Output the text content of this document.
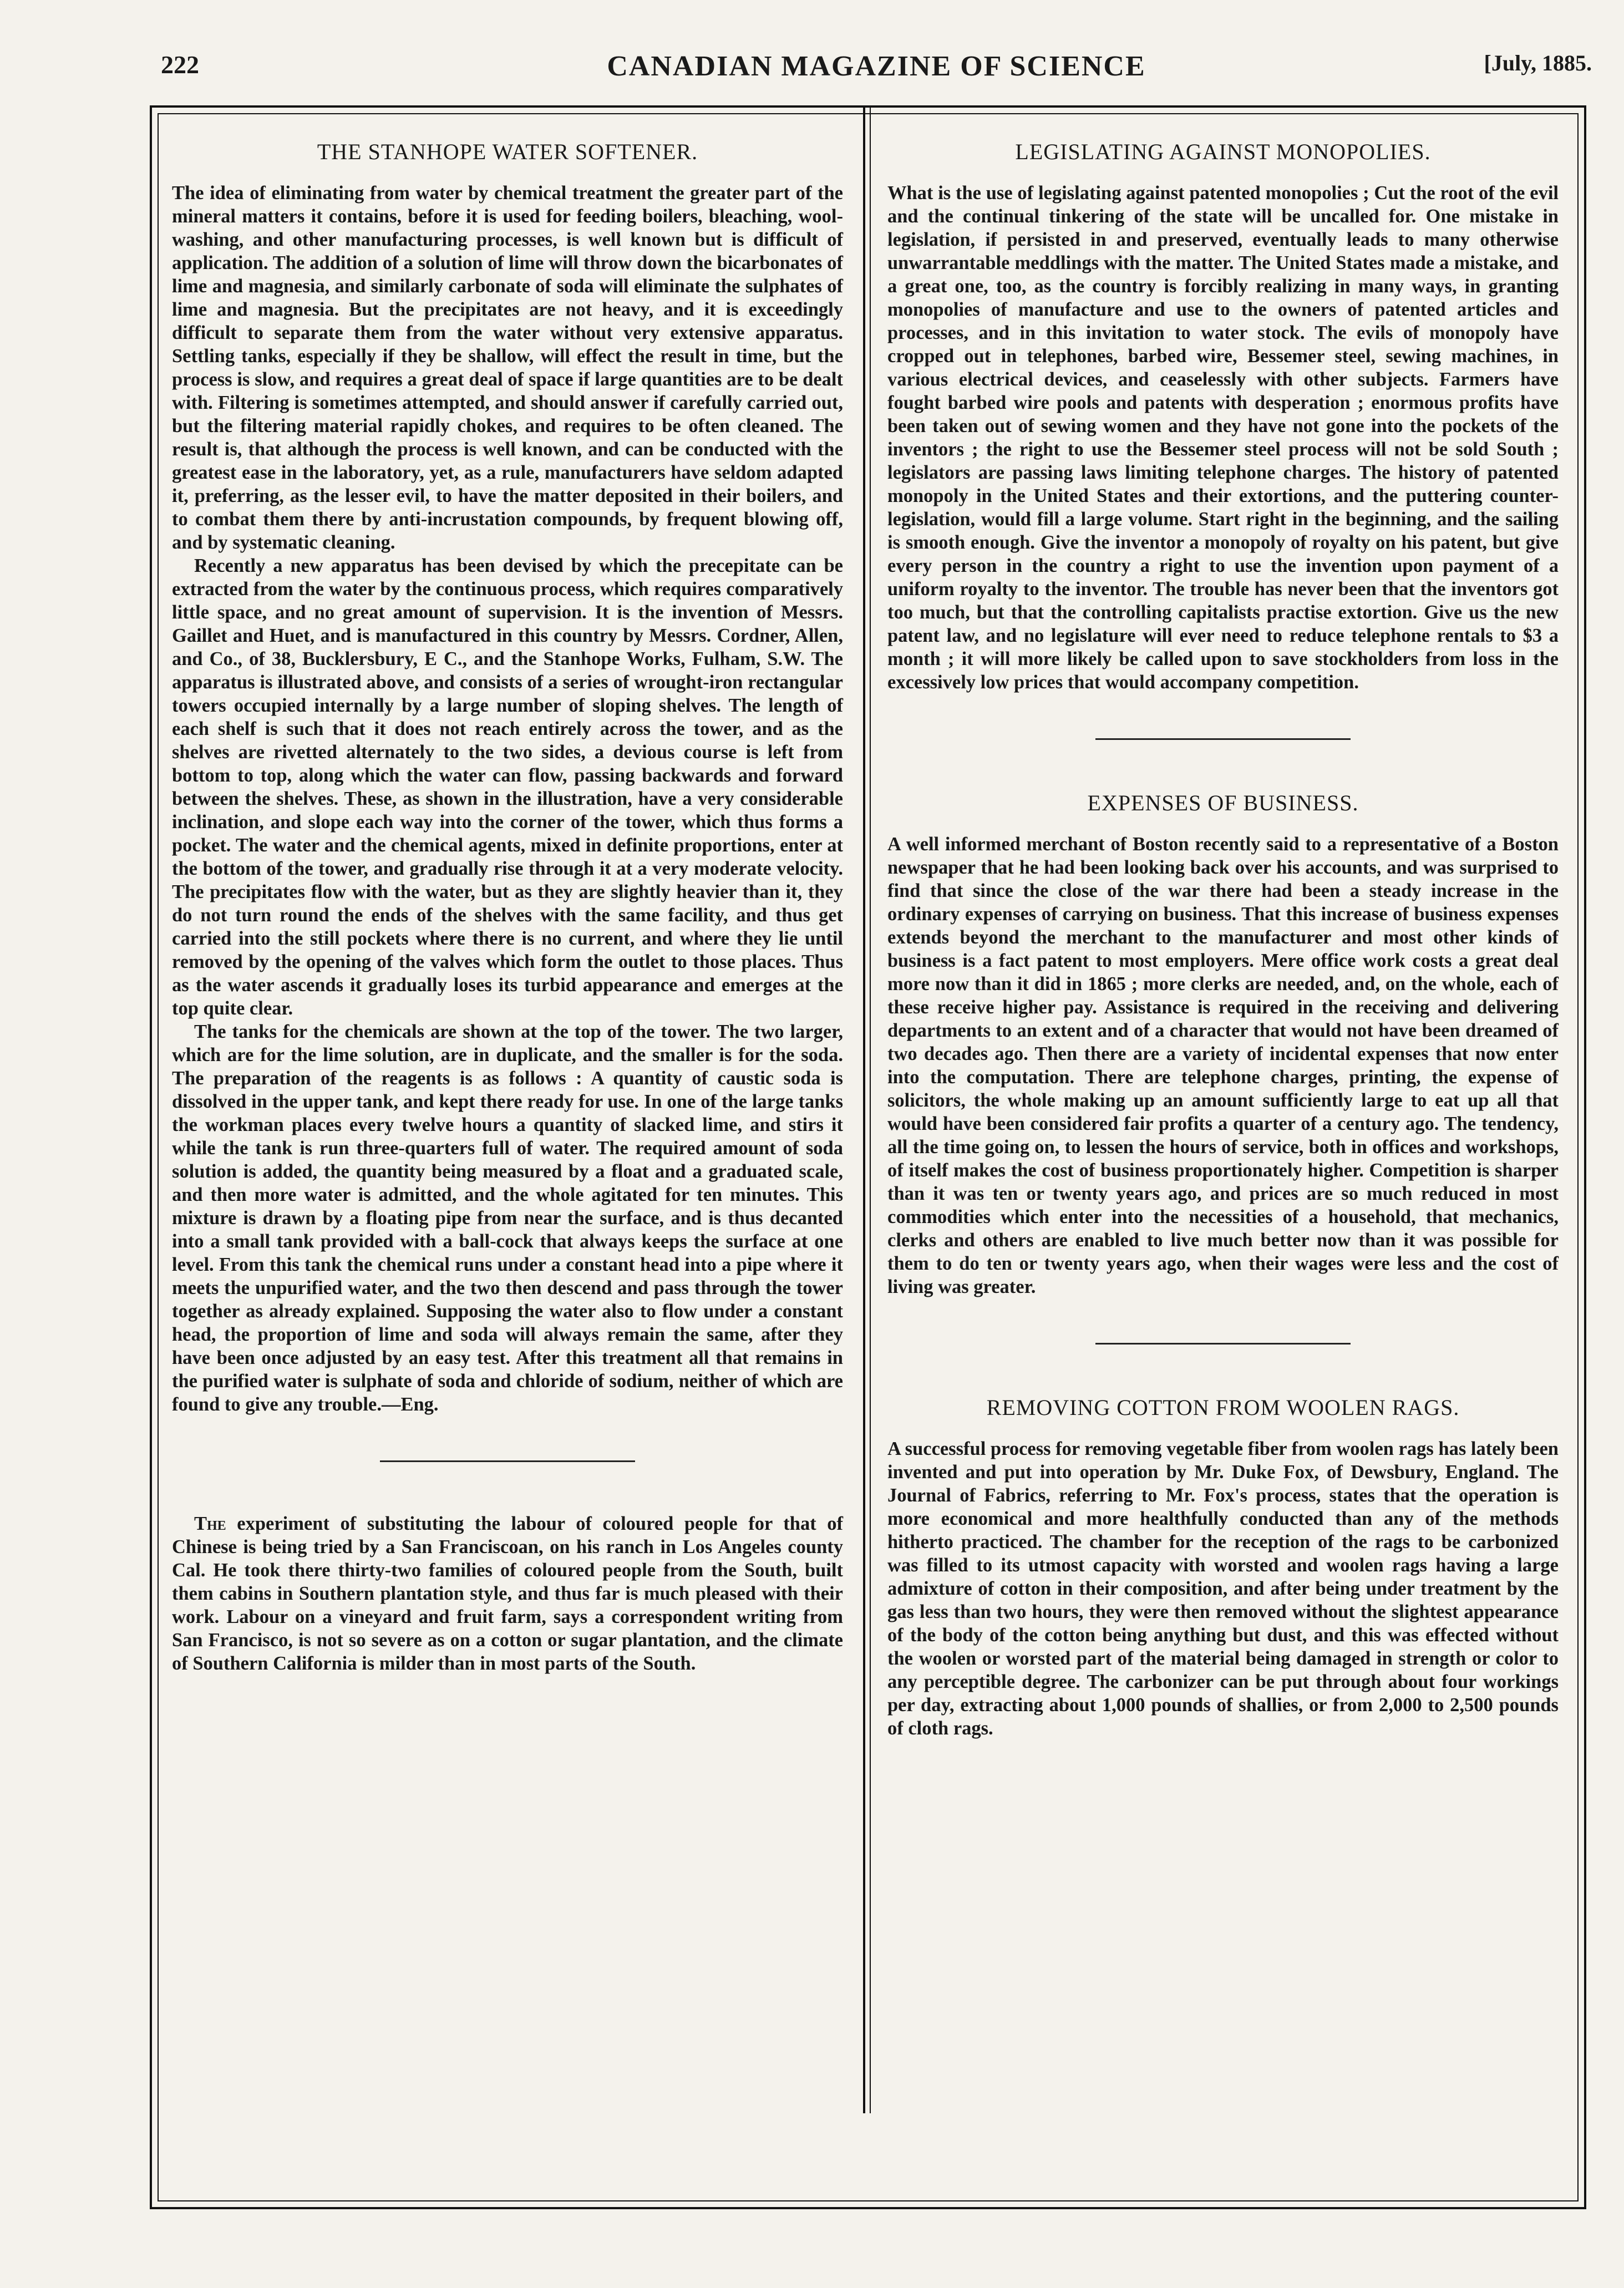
222	CANADIAN MAGAZINE OF SCIENCE	[July, 1885.
THE STANHOPE WATER SOFTENER.

The idea of eliminating from water by chemical treatment the greater part of the mineral matters it contains, before it is used for feeding boilers, bleaching, wool-washing, and other manufacturing processes, is well known but is difficult of application. The addition of a solution of lime will throw down the bicarbonates of lime and magnesia, and similarly carbonate of soda will eliminate the sulphates of lime and magnesia. But the precipitates are not heavy, and it is exceedingly difficult to separate them from the water without very extensive apparatus. Settling tanks, especially if they be shallow, will effect the result in time, but the process is slow, and requires a great deal of space if large quantities are to be dealt with. Filtering is sometimes attempted, and should answer if carefully carried out, but the filtering material rapidly chokes, and requires to be often cleaned. The result is, that although the process is well known, and can be conducted with the greatest ease in the laboratory, yet, as a rule, manufacturers have seldom adapted it, preferring, as the lesser evil, to have the matter deposited in their boilers, and to combat them there by anti-incrustation compounds, by frequent blowing off, and by systematic cleaning.

Recently a new apparatus has been devised by which the precepitate can be extracted from the water by the continuous process, which requires comparatively little space, and no great amount of supervision. It is the invention of Messrs. Gaillet and Huet, and is manufactured in this country by Messrs. Cordner, Allen, and Co., of 38, Bucklersbury, E C., and the Stanhope Works, Fulham, S.W. The apparatus is illustrated above, and consists of a series of wrought-iron rectangular towers occupied internally by a large number of sloping shelves. The length of each shelf is such that it does not reach entirely across the tower, and as the shelves are rivetted alternately to the two sides, a devious course is left from bottom to top, along which the water can flow, passing backwards and forward between the shelves. These, as shown in the illustration, have a very considerable inclination, and slope each way into the corner of the tower, which thus forms a pocket. The water and the chemical agents, mixed in definite proportions, enter at the bottom of the tower, and gradually rise through it at a very moderate velocity. The precipitates flow with the water, but as they are slightly heavier than it, they do not turn round the ends of the shelves with the same facility, and thus get carried into the still pockets where there is no current, and where they lie until removed by the opening of the valves which form the outlet to those places. Thus as the water ascends it gradually loses its turbid appearance and emerges at the top quite clear.

The tanks for the chemicals are shown at the top of the tower. The two larger, which are for the lime solution, are in duplicate, and the smaller is for the soda. The preparation of the reagents is as follows : A quantity of caustic soda is dissolved in the upper tank, and kept there ready for use. In one of the large tanks the workman places every twelve hours a quantity of slacked lime, and stirs it while the tank is run three-quarters full of water. The required amount of soda solution is added, the quantity being measured by a float and a graduated scale, and then more water is admitted, and the whole agitated for ten minutes. This mixture is drawn by a floating pipe from near the surface, and is thus decanted into a small tank provided with a ball-cock that always keeps the surface at one level. From this tank the chemical runs under a constant head into a pipe where it meets the unpurified water, and the two then descend and pass through the tower together as already explained. Supposing the water also to flow under a constant head, the proportion of lime and soda will always remain the same, after they have been once adjusted by an easy test. After this treatment all that remains in the purified water is sulphate of soda and chloride of sodium, neither of which are found to give any trouble.—Eng.

The experiment of substituting the labour of coloured people for that of Chinese is being tried by a San Franciscoan, on his ranch in Los Angeles county Cal. He took there thirty-two families of coloured people from the South, built them cabins in Southern plantation style, and thus far is much pleased with their work. Labour on a vineyard and fruit farm, says a correspondent writing from San Francisco, is not so severe as on a cotton or sugar plantation, and the climate of Southern California is milder than in most parts of the South.

LEGISLATING AGAINST MONOPOLIES.

What is the use of legislating against patented monopolies ; Cut the root of the evil and the continual tinkering of the state will be uncalled for. One mistake in legislation, if persisted in and preserved, eventually leads to many otherwise unwarrantable meddlings with the matter. The United States made a mistake, and a great one, too, as the country is forcibly realizing in many ways, in granting monopolies of manufacture and use to the owners of patented articles and processes, and in this invitation to water stock. The evils of monopoly have cropped out in telephones, barbed wire, Bessemer steel, sewing machines, in various electrical devices, and ceaselessly with other subjects. Farmers have fought barbed wire pools and patents with desperation ; enormous profits have been taken out of sewing women and they have not gone into the pockets of the inventors ; the right to use the Bessemer steel process will not be sold South ; legislators are passing laws limiting telephone charges. The history of patented monopoly in the United States and their extortions, and the puttering counter-legislation, would fill a large volume. Start right in the beginning, and the sailing is smooth enough. Give the inventor a monopoly of royalty on his patent, but give every person in the country a right to use the invention upon payment of a uniform royalty to the inventor. The trouble has never been that the inventors got too much, but that the controlling capitalists practise extortion. Give us the new patent law, and no legislature will ever need to reduce telephone rentals to $3 a month ; it will more likely be called upon to save stockholders from loss in the excessively low prices that would accompany competition.

EXPENSES OF BUSINESS.

A well informed merchant of Boston recently said to a representative of a Boston newspaper that he had been looking back over his accounts, and was surprised to find that since the close of the war there had been a steady increase in the ordinary expenses of carrying on business. That this increase of business expenses extends beyond the merchant to the manufacturer and most other kinds of business is a fact patent to most employers. Mere office work costs a great deal more now than it did in 1865 ; more clerks are needed, and, on the whole, each of these receive higher pay. Assistance is required in the receiving and delivering departments to an extent and of a character that would not have been dreamed of two decades ago. Then there are a variety of incidental expenses that now enter into the computation. There are telephone charges, printing, the expense of solicitors, the whole making up an amount sufficiently large to eat up all that would have been considered fair profits a quarter of a century ago. The tendency, all the time going on, to lessen the hours of service, both in offices and workshops, of itself makes the cost of business proportionately higher. Competition is sharper than it was ten or twenty years ago, and prices are so much reduced in most commodities which enter into the necessities of a household, that mechanics, clerks and others are enabled to live much better now than it was possible for them to do ten or twenty years ago, when their wages were less and the cost of living was greater.

REMOVING COTTON FROM WOOLEN RAGS.

A successful process for removing vegetable fiber from woolen rags has lately been invented and put into operation by Mr. Duke Fox, of Dewsbury, England. The Journal of Fabrics, referring to Mr. Fox's process, states that the operation is more economical and more healthfully conducted than any of the methods hitherto practiced. The chamber for the reception of the rags to be carbonized was filled to its utmost capacity with worsted and woolen rags having a large admixture of cotton in their composition, and after being under treatment by the gas less than two hours, they were then removed without the slightest appearance of the body of the cotton being anything but dust, and this was effected without the woolen or worsted part of the material being damaged in strength or color to any perceptible degree. The carbonizer can be put through about four workings per day, extracting about 1,000 pounds of shallies, or from 2,000 to 2,500 pounds of cloth rags.
